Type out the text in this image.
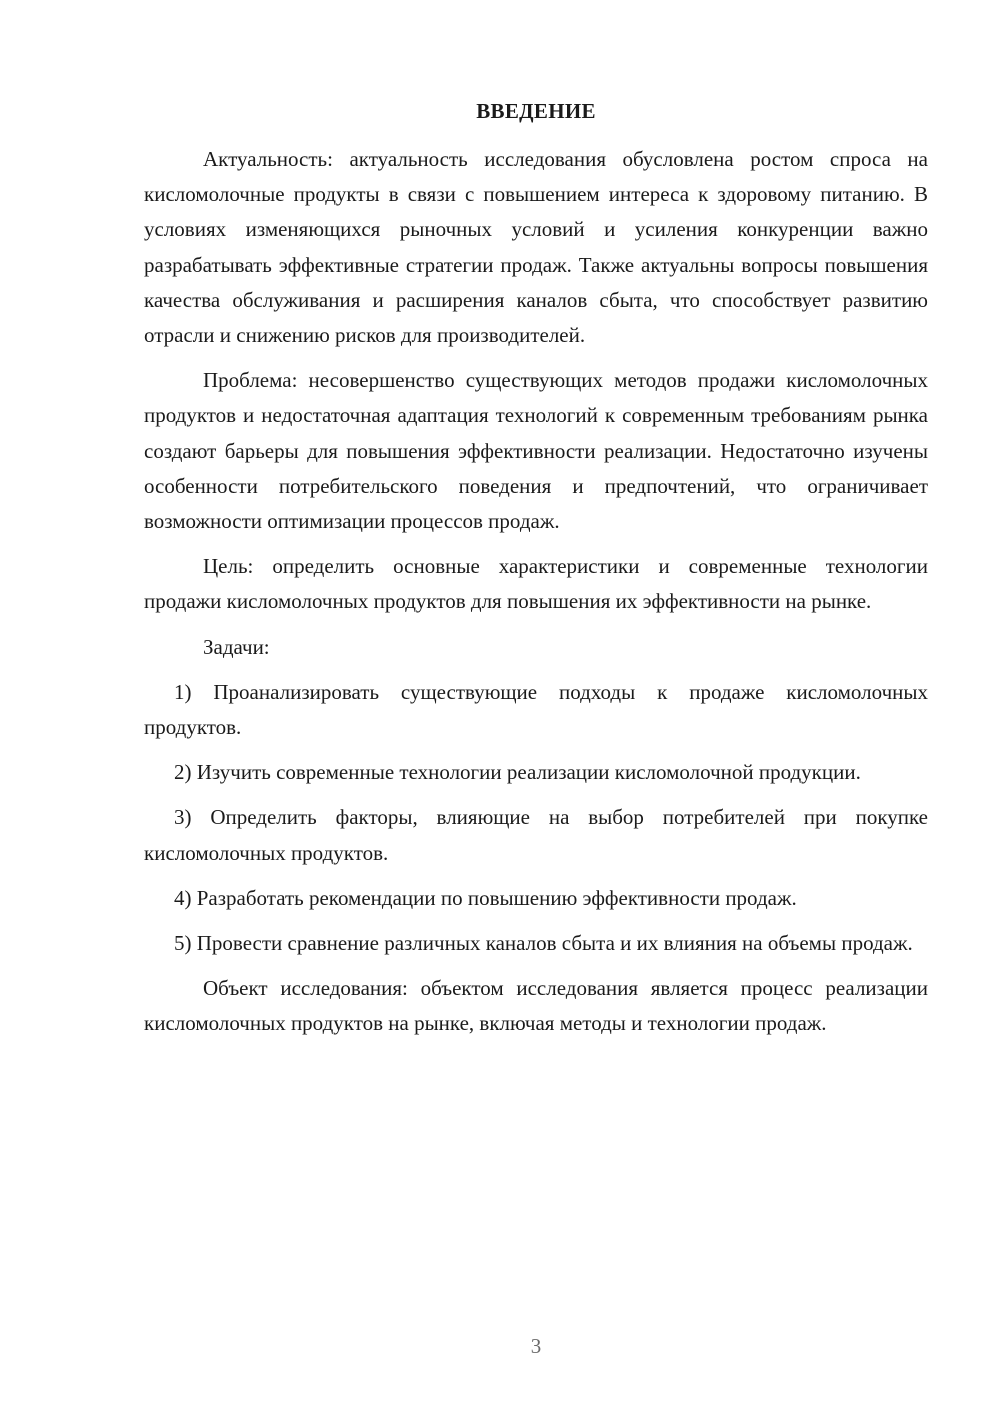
ВВЕДЕНИЕ

Актуальность: актуальность исследования обусловлена ростом спроса на кисломолочные продукты в связи с повышением интереса к здоровому питанию. В условиях изменяющихся рыночных условий и усиления конкуренции важно разрабатывать эффективные стратегии продаж. Также актуальны вопросы повышения качества обслуживания и расширения каналов сбыта, что способствует развитию отрасли и снижению рисков для производителей.

Проблема: несовершенство существующих методов продажи кисломолочных продуктов и недостаточная адаптация технологий к современным требованиям рынка создают барьеры для повышения эффективности реализации. Недостаточно изучены особенности потребительского поведения и предпочтений, что ограничивает возможности оптимизации процессов продаж.

Цель: определить основные характеристики и современные технологии продажи кисломолочных продуктов для повышения их эффективности на рынке.

Задачи:

1) Проанализировать существующие подходы к продаже кисломолочных продуктов.

2) Изучить современные технологии реализации кисломолочной продукции.

3) Определить факторы, влияющие на выбор потребителей при покупке кисломолочных продуктов.

4) Разработать рекомендации по повышению эффективности продаж.

5) Провести сравнение различных каналов сбыта и их влияния на объемы продаж.

Объект исследования: объектом исследования является процесс реализации кисломолочных продуктов на рынке, включая методы и технологии продаж.

3
